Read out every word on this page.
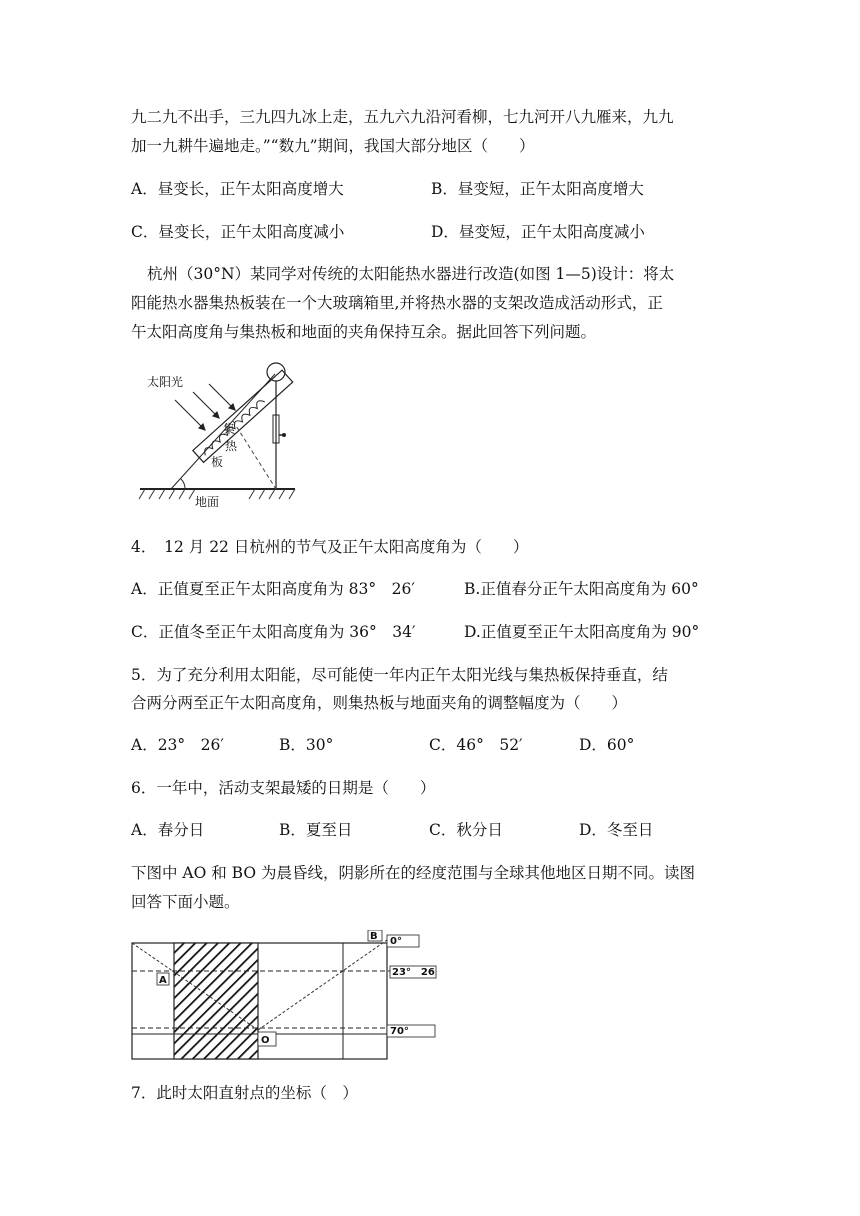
九二九不出手，三九四九冰上走，五九六九沿河看柳，七九河开八九雁来，九九
加一九耕牛遍地走。”“数九”期间，我国大部分地区（　　）
A．昼变长，正午太阳高度增大	B．昼变短，正午太阳高度增大
C．昼变长，正午太阳高度减小	D．昼变短，正午太阳高度减小
杭州（30°N）某同学对传统的太阳能热水器进行改造(如图 1—5)设计：将太
阳能热水器集热板装在一个大玻璃箱里,并将热水器的支架改造成活动形式，正
午太阳高度角与集热板和地面的夹角保持互余。据此回答下列问题。
太阳光
集
热
板
地面
4．　12 月 22 日杭州的节气及正午太阳高度角为（　　）
A．正值夏至正午太阳高度角为 83°　26′	B.正值春分正午太阳高度角为 60°
C．正值冬至正午太阳高度角为 36°　34′	D.正值夏至正午太阳高度角为 90°
5．为了充分利用太阳能，尽可能使一年内正午太阳光线与集热板保持垂直，结
合两分两至正午太阳高度角，则集热板与地面夹角的调整幅度为（　　）
A．23°　26′	B．30°	C．46°　52′	D．60°
6．一年中，活动支架最矮的日期是（　　）
A．春分日	B．夏至日	C．秋分日	D．冬至日
下图中 AO 和 BO 为晨昏线，阴影所在的经度范围与全球其他地区日期不同。读图
回答下面小题。
A
B
O
0°
23°　26
70°
7．此时太阳直射点的坐标（　）
